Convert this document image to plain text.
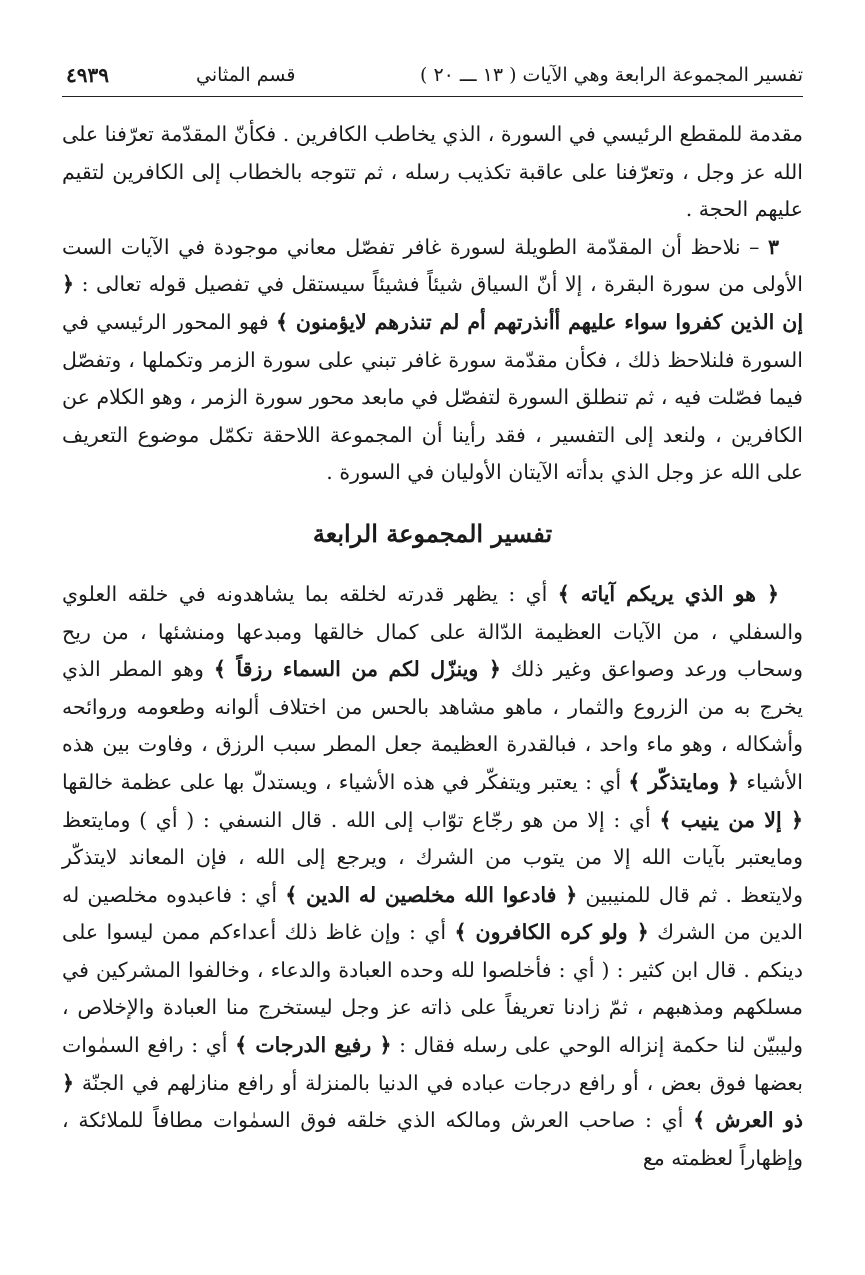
تفسير المجموعة الرابعة وهي الآيات ( ١٣ ـــ ٢٠ )
قسم المثاني
٤٩٣٩

مقدمة للمقطع الرئيسي في السورة ، الذي يخاطب الكافرين . فكأنّ المقدّمة تعرّفنا على الله عز وجل ، وتعرّفنا على عاقبة تكذيب رسله ، ثم تتوجه بالخطاب إلى الكافرين لتقيم عليهم الحجة .

٣ – نلاحظ أن المقدّمة الطويلة لسورة غافر تفصّل معاني موجودة في الآيات الست الأولى من سورة البقرة ، إلا أنّ السياق شيئاً فشيئاً سيستقل في تفصيل قوله تعالى : ﴿ إن الذين كفروا سواء عليهم أأنذرتهم أم لم تنذرهم لايؤمنون ﴾ فهو المحور الرئيسي في السورة فلنلاحظ ذلك ، فكأن مقدّمة سورة غافر تبني على سورة الزمر وتكملها ، وتفصّل فيما فصّلت فيه ، ثم تنطلق السورة لتفصّل في مابعد محور سورة الزمر ، وهو الكلام عن الكافرين ، ولنعد إلى التفسير ، فقد رأينا أن المجموعة اللاحقة تكمّل موضوع التعريف على الله عز وجل الذي بدأته الآيتان الأوليان في السورة .

تفسير المجموعة الرابعة

﴿ هو الذي يريكم آياته ﴾ أي : يظهر قدرته لخلقه بما يشاهدونه في خلقه العلوي والسفلي ، من الآيات العظيمة الدّالة على كمال خالقها ومبدعها ومنشئها ، من ريح وسحاب ورعد وصواعق وغير ذلك ﴿ وينزّل لكم من السماء رزقاً ﴾ وهو المطر الذي يخرج به من الزروع والثمار ، ماهو مشاهد بالحس من اختلاف ألوانه وطعومه وروائحه وأشكاله ، وهو ماء واحد ، فبالقدرة العظيمة جعل المطر سبب الرزق ، وفاوت بين هذه الأشياء ﴿ ومايتذكّر ﴾ أي : يعتبر ويتفكّر في هذه الأشياء ، ويستدلّ بها على عظمة خالقها ﴿ إلا من ينيب ﴾ أي : إلا من هو رجّاع توّاب إلى الله . قال النسفي : ( أي ) ومايتعظ ومايعتبر بآيات الله إلا من يتوب من الشرك ، ويرجع إلى الله ، فإن المعاند لايتذكّر ولايتعظ . ثم قال للمنيبين ﴿ فادعوا الله مخلصين له الدين ﴾ أي : فاعبدوه مخلصين له الدين من الشرك ﴿ ولو كره الكافرون ﴾ أي : وإن غاظ ذلك أعداءكم ممن ليسوا على دينكم . قال ابن كثير : ( أي : فأخلصوا لله وحده العبادة والدعاء ، وخالفوا المشركين في مسلكهم ومذهبهم ، ثمّ زادنا تعريفاً على ذاته عز وجل ليستخرج منا العبادة والإخلاص ، وليبيّن لنا حكمة إنزاله الوحي على رسله فقال : ﴿ رفيع الدرجات ﴾ أي : رافع السمٰوات بعضها فوق بعض ، أو رافع درجات عباده في الدنيا بالمنزلة أو رافع منازلهم في الجنّة ﴿ ذو العرش ﴾ أي : صاحب العرش ومالكه الذي خلقه فوق السمٰوات مطافاً للملائكة ، وإظهاراً لعظمته مع
